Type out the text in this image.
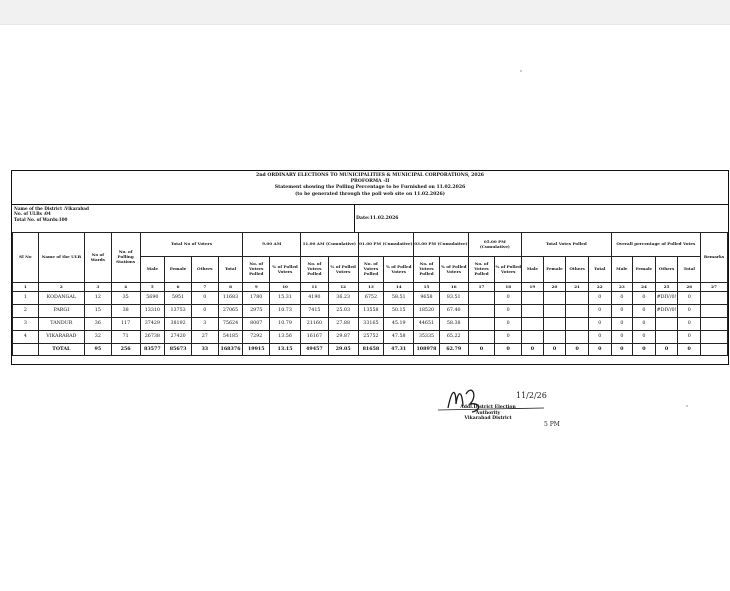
2nd ORDINARY ELECTIONS TO MUNICIPALITIES & MUNICIPAL CORPORATIONS, 2026
PROFORMA -II
Statement showing the Polling Percentage to be Furnished on 11.02.2026
(to be generated through the poll web site on 11.02.2026)
Name of the District :Vikarabad
No. of ULBs :04
Total No. of Wards:100	Date:11.02.2026
Sl No	Name of the ULB	No of Wards	No. of Polling Stations	Total No of Voters				9.00 AM		11.00 AM (Cumulative)		01.00 PM (Cumulative)		03.00 PM (Cumulative)		05.00 PM (Cumulative)		Total Votes Polled				Overall percentage of Polled Votes				Remarks
				Male	Female	Others	Total	No. of Voters Polled	% of Polled Voters	No. of Voters Polled	% of Polled Voters	No. of Voters Polled	% of Polled Voters	No. of Voters Polled	% of Polled Voters	No. of Voters Polled	% of Polled Voters	Male	Female	Others	Total	Male	Female	Others	Total	
1	2	3	4	5	6	7	8	9	10	11	12	13	14	15	16	17	18	19	20	21	22	23	24	25	26	27
1	KODANGAL	12	35	5690	5951	0	11683	1780	15.31	4190	36.23	6752	58.51	9658	83.51		0				0	0	0	#DIV/0!	0	
2	PARGI	15	38	13310	13753	0	27065	2975	10.73	7415	25.03	13558	50.15	18520	67.40		0				0	0	0	#DIV/0!	0	
3	TANDUR	36	117	37429	38192	3	75624	8007	10.79	21160	27.88	33165	45.19	44651	58.38		0				0	0	0		0	
4	VIKARABAD	32	71	26738	27420	27	54185	7292	13.56	16167	29.87	25752	47.58	35335	65.22		0				0	0	0		0	
	TOTAL	95	256	83577	85673	33	168376	19915	13.15	49457	29.05	81658	47.31	108978	62.79	0	0	0	0	0	0	0	0	0	0	
11/2/26
5 PM
Addl.District Election Authority
Vikarabad District
